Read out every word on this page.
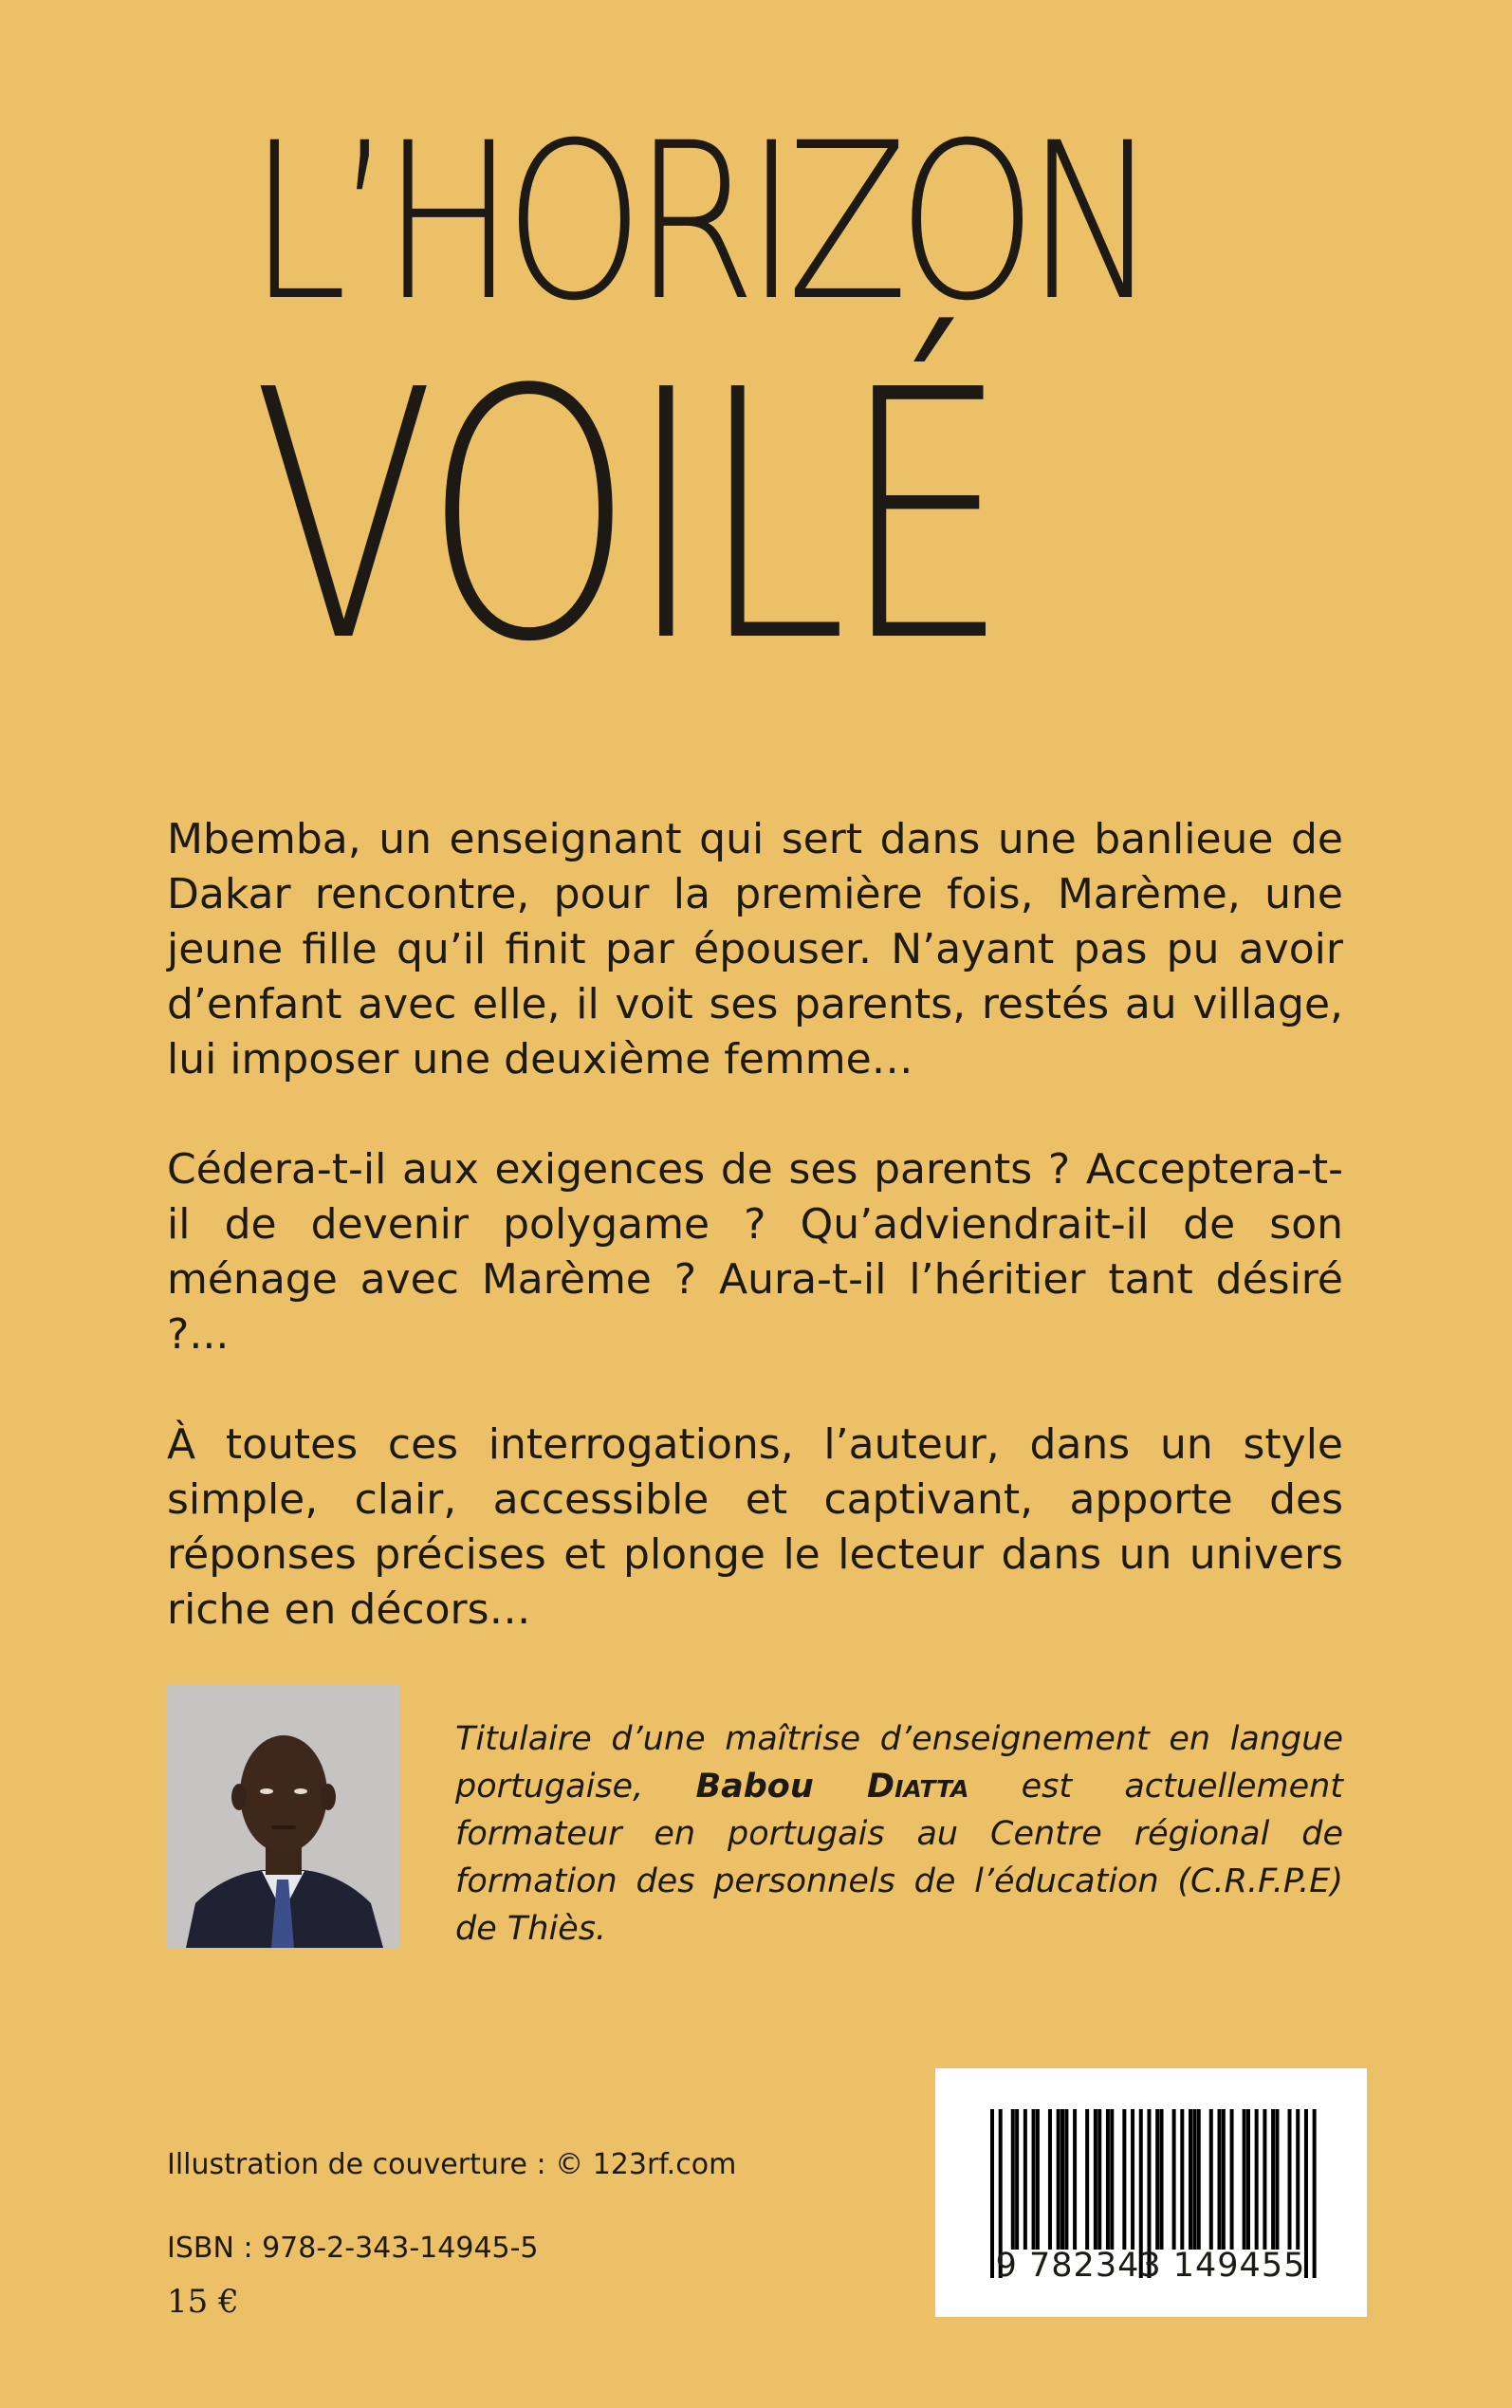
L’HORIZON
VOILÉ

Mbemba, un enseignant qui sert dans une banlieue de Dakar rencontre, pour la première fois, Marème, une jeune fille qu’il finit par épouser. N’ayant pas pu avoir d’enfant avec elle, il voit ses parents, restés au village, lui imposer une deuxième femme…

Cédera-t-il aux exigences de ses parents ? Acceptera-t-il de devenir polygame ? Qu’adviendrait-il de son ménage avec Marème ? Aura-t-il l’héritier tant désiré ?...

À toutes ces interrogations, l’auteur, dans un style simple, clair, accessible et captivant, apporte des réponses précises et plonge le lecteur dans un univers riche en décors…

Titulaire d’une maîtrise d’enseignement en langue portugaise, Babou Diatta est actuellement formateur en portugais au Centre régional de formation des personnels de l’éducation (C.R.F.P.E) de Thiès.
Illustration de couverture : © 123rf.com
ISBN : 978-2-343-14945-5
15 €
9 782343 149455
